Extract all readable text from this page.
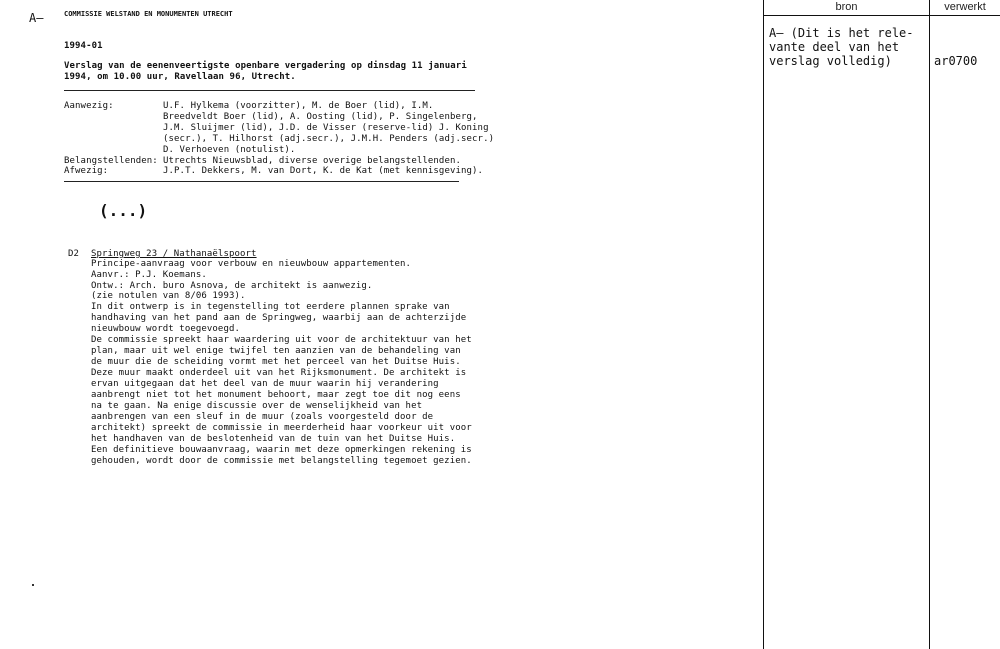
A–	COMMISSIE WELSTAND EN MONUMENTEN UTRECHT
1994-01
Verslag van de eenenveertigste openbare vergadering op dinsdag 11 januari
1994, om 10.00 uur, Ravellaan 96, Utrecht.
Aanwezig:	U.F. Hylkema (voorzitter), M. de Boer (lid), I.M.
Breedveldt Boer (lid), A. Oosting (lid), P. Singelenberg,
J.M. Sluijmer (lid), J.D. de Visser (reserve-lid) J. Koning
(secr.), T. Hilhorst (adj.secr.), J.M.H. Penders (adj.secr.)
D. Verhoeven (notulist).
Belangstellenden: Utrechts Nieuwsblad, diverse overige belangstellenden.
Afwezig:	J.P.T. Dekkers, M. van Dort, K. de Kat (met kennisgeving).
(...)
D2 Springweg 23 / Nathanaëlspoort
Principe-aanvraag voor verbouw en nieuwbouw appartementen.
Aanvr.: P.J. Koemans.
Ontw.: Arch. buro Asnova, de architekt is aanwezig.
(zie notulen van 8/06 1993).
In dit ontwerp is in tegenstelling tot eerdere plannen sprake van
handhaving van het pand aan de Springweg, waarbij aan de achterzijde
nieuwbouw wordt toegevoegd.
De commissie spreekt haar waardering uit voor de architektuur van het
plan, maar uit wel enige twijfel ten aanzien van de behandeling van
de muur die de scheiding vormt met het perceel van het Duitse Huis.
Deze muur maakt onderdeel uit van het Rijksmonument. De architekt is
ervan uitgegaan dat het deel van de muur waarin hij verandering
aanbrengt niet tot het monument behoort, maar zegt toe dit nog eens
na te gaan. Na enige discussie over de wenselijkheid van het
aanbrengen van een sleuf in de muur (zoals voorgesteld door de
architekt) spreekt de commissie in meerderheid haar voorkeur uit voor
het handhaven van de beslotenheid van de tuin van het Duitse Huis.
Een definitieve bouwaanvraag, waarin met deze opmerkingen rekening is
gehouden, wordt door de commissie met belangstelling tegemoet gezien.
bron	verwerkt
A– (Dit is het rele-
vante deel van het
verslag volledig)	ar0700
